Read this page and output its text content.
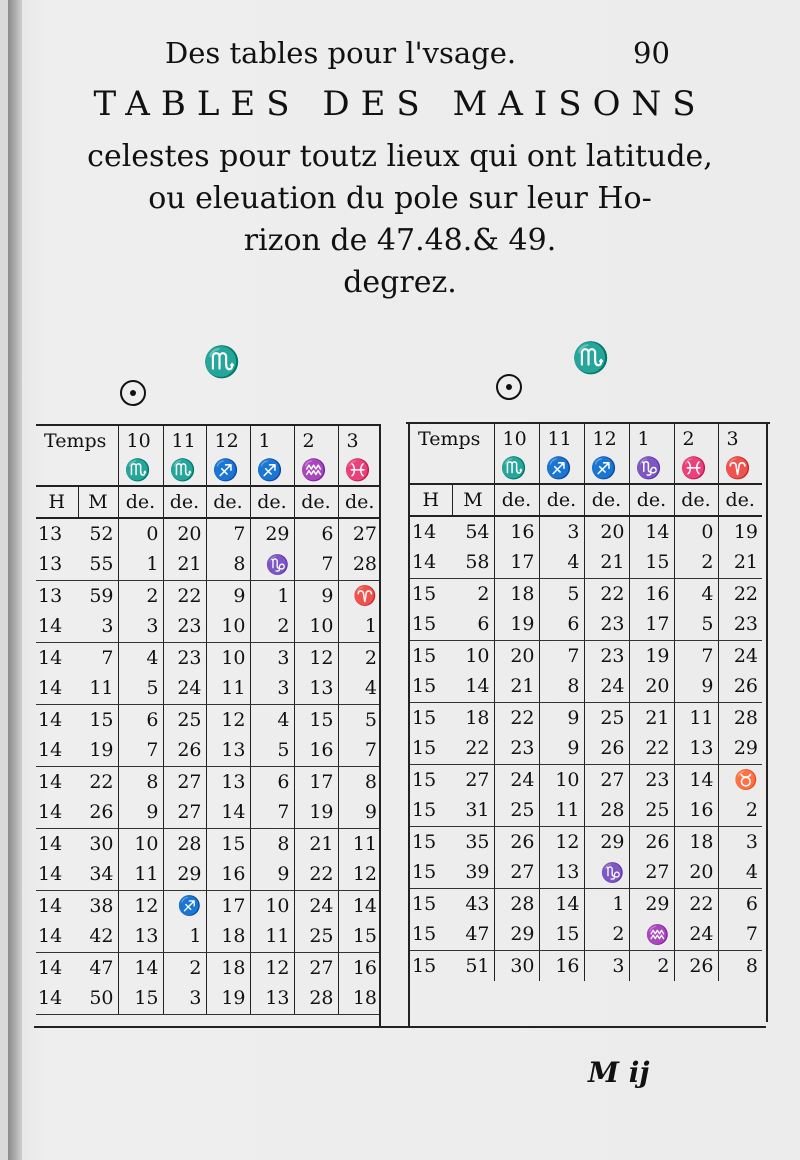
Des tables pour l'vsage.	90
TABLES DES MAISONS
celestes pour toutz lieux qui ont latitude,
ou eleuation du pole sur leur Ho-
rizon de 47.48.& 49.
degrez.
♏	♏
Temps		10	11	12	1	2	3
		♏	♏	♐	♐	♒	♓
H	M	de.	de.	de.	de.	de.	de.
13	52	0	20	7	29	6	27
13	55	1	21	8	♑	7	28
13	59	2	22	9	1	9	♈
14	3	3	23	10	2	10	1
14	7	4	23	10	3	12	2
14	11	5	24	11	3	13	4
14	15	6	25	12	4	15	5
14	19	7	26	13	5	16	7
14	22	8	27	13	6	17	8
14	26	9	27	14	7	19	9
14	30	10	28	15	8	21	11
14	34	11	29	16	9	22	12
14	38	12	♐	17	10	24	14
14	42	13	1	18	11	25	15
14	47	14	2	18	12	27	16
14	50	15	3	19	13	28	18
Temps		10	11	12	1	2	3
		♏	♐	♐	♑	♓	♈
H	M	de.	de.	de.	de.	de.	de.
14	54	16	3	20	14	0	19
14	58	17	4	21	15	2	21
15	2	18	5	22	16	4	22
15	6	19	6	23	17	5	23
15	10	20	7	23	19	7	24
15	14	21	8	24	20	9	26
15	18	22	9	25	21	11	28
15	22	23	9	26	22	13	29
15	27	24	10	27	23	14	♉
15	31	25	11	28	25	16	2
15	35	26	12	29	26	18	3
15	39	27	13	♑	27	20	4
15	43	28	14	1	29	22	6
15	47	29	15	2	♒	24	7
15	51	30	16	3	2	26	8
M ij
